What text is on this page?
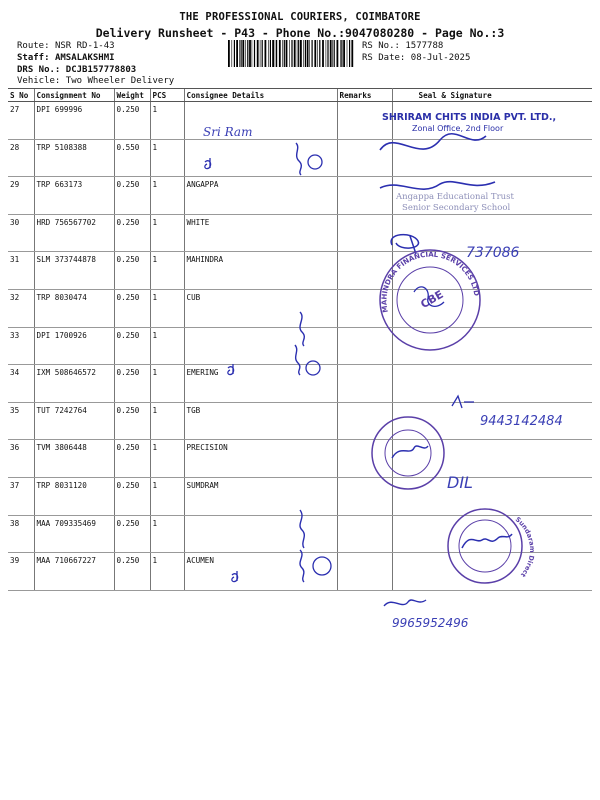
THE PROFESSIONAL COURIERS, COIMBATORE
Delivery Runsheet - P43 - Phone No.:9047080280 - Page No.:3
Route: NSR RD-1-43
Staff: AMSALAKSHMI
DRS No.: DCJB157778803
Vehicle: Two Wheeler Delivery
RS No.: 1577788
RS Date: 08-Jul-2025
S No	Consignment No	Weight	PCS	Consignee Details	Remarks	Seal & Signature
27	DPI 699996	0.250	1			
28	TRP 5108388	0.550	1			
29	TRP 663173	0.250	1	ANGAPPA		
30	HRD 756567702	0.250	1	WHITE		
31	SLM 373744878	0.250	1	MAHINDRA		
32	TRP 8030474	0.250	1	CUB		
33	DPI 1700926	0.250	1			
34	IXM 508646572	0.250	1	EMERING		
35	TUT 7242764	0.250	1	TGB		
36	TVM 3806448	0.250	1	PRECISION		
37	TRP 8031120	0.250	1	SUMDRAM		
38	MAA 709335469	0.250	1			
39	MAA 710667227	0.250	1	ACUMEN		
Sri Ram
SHRIRAM CHITS INDIA PVT. LTD.,
Zonal Office, 2nd Floor
Angappa Educational Trust
Senior Secondary School
737086
MAHINDRA FINANCIAL SERVICES LTD
CBE
9443142484
DIL
Sundaram Direct
9965952496
